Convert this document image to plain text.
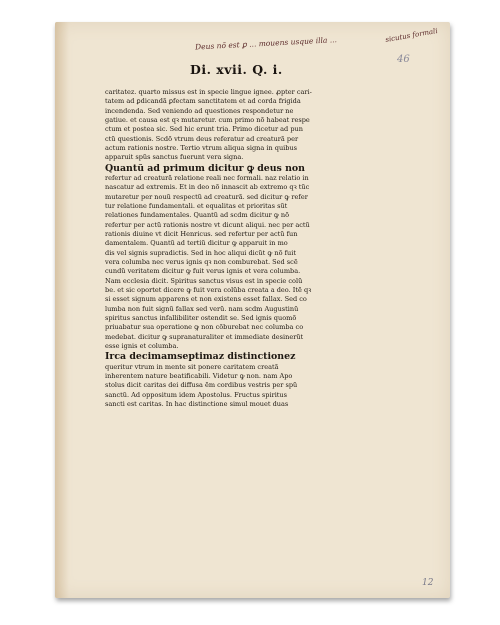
Deus nõ est ꝑ ... mouens usque illa ...	sicutus formali
46
Di. xvii. Q. i.
caritatez. quarto missus est in specie lingue ignee. ꝓpter cari-
tatem ad ꝑdicandã ꝑfectam sanctitatem et ad corda frigida
incendenda. Sed veniendo ad questiones respondetur ne
gatiue. et causa est qꝛ mutaretur. cum primo nõ habeat respe
ctum et postea sic. Sed hic erunt tria. Primo dicetur ad pun
ctũ questionis. Scdõ vtrum deus referatur ad creaturã per
actum rationis nostre. Tertio vtrum aliqua signa in quibus
apparuit spũs sanctus fuerunt vera signa.
Quantũ ad primum dicitur ꝙ deus non
refertur ad creaturã relatione reali nec formali. naz relatio in
nascatur ad extremis. Et in deo nõ innascit ab extremo qꝛ tũc
mutaretur per nouũ respectũ ad creaturã. sed dicitur ꝙ refer
tur relatione fundamentali. et equalitas et prioritas sũt
relationes fundamentales. Quantũ ad scdm dicitur ꝙ nõ
refertur per actũ rationis nostre vt dicunt aliqui. nec per actũ
rationis diuine vt dicit Henricus. sed refertur per actũ fun
damentalem. Quantũ ad tertiũ dicitur ꝙ apparuit in mo
dis vel signis supradictis. Sed in hoc aliqui dicũt ꝙ nõ fuit
vera columba nec verus ignis qꝛ non comburebat. Sed scẽ
cundũ veritatem dicitur ꝙ fuit verus ignis et vera columba.
Nam ecclesia dicit. Spiritus sanctus visus est in specie colũ
be. et sic oportet dicere ꝙ fuit vera colũba creata a deo. Itẽ qꝛ
si esset signum apparens et non existens esset fallax. Sed co
lumba non fuit signũ fallax sed verũ. nam scdm Augustinũ
spiritus sanctus infallibiliter ostendit se. Sed ignis quomõ
priuabatur sua operatione ꝙ non cõburebat nec columba co
medebat. dicitur ꝙ supranaturaliter et immediate desinerũt
esse ignis et columba.
Irca decimamseptimaz distinctionez
queritur vtrum in mente sit ponere caritatem creatã
inherentem nature beatificabili. Videtur ꝙ non. nam Apo
stolus dicit caritas dei diffusa ẽm cordibus vestris per spũ
sanctũ. Ad oppositum idem Apostolus. Fructus spiritus
sancti est caritas. In hac distinctione simul mouet duas
12
